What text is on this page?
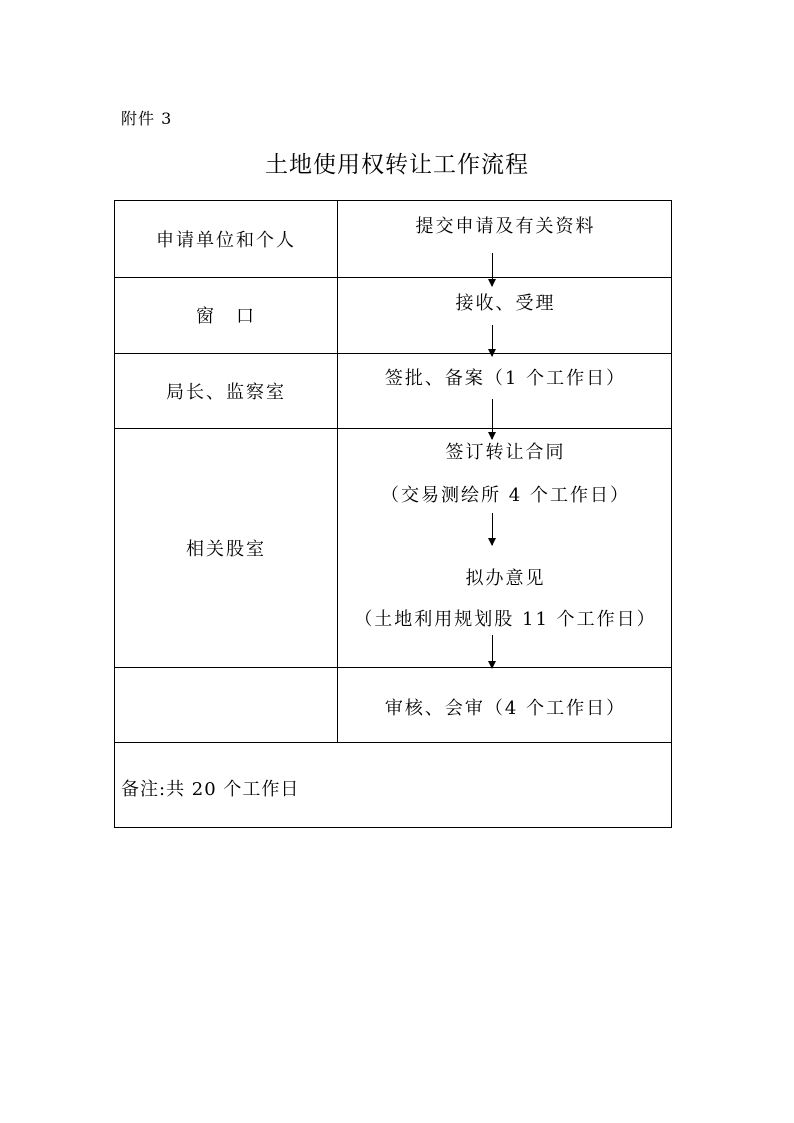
附件 3
土地使用权转让工作流程
申请单位和个人
窗　口
局长、监察室
相关股室
提交申请及有关资料
接收、受理
签批、备案（1 个工作日）
签订转让合同
（交易测绘所 4 个工作日）
拟办意见
（土地利用规划股 11 个工作日）
审核、会审（4 个工作日）
备注:共 20 个工作日
